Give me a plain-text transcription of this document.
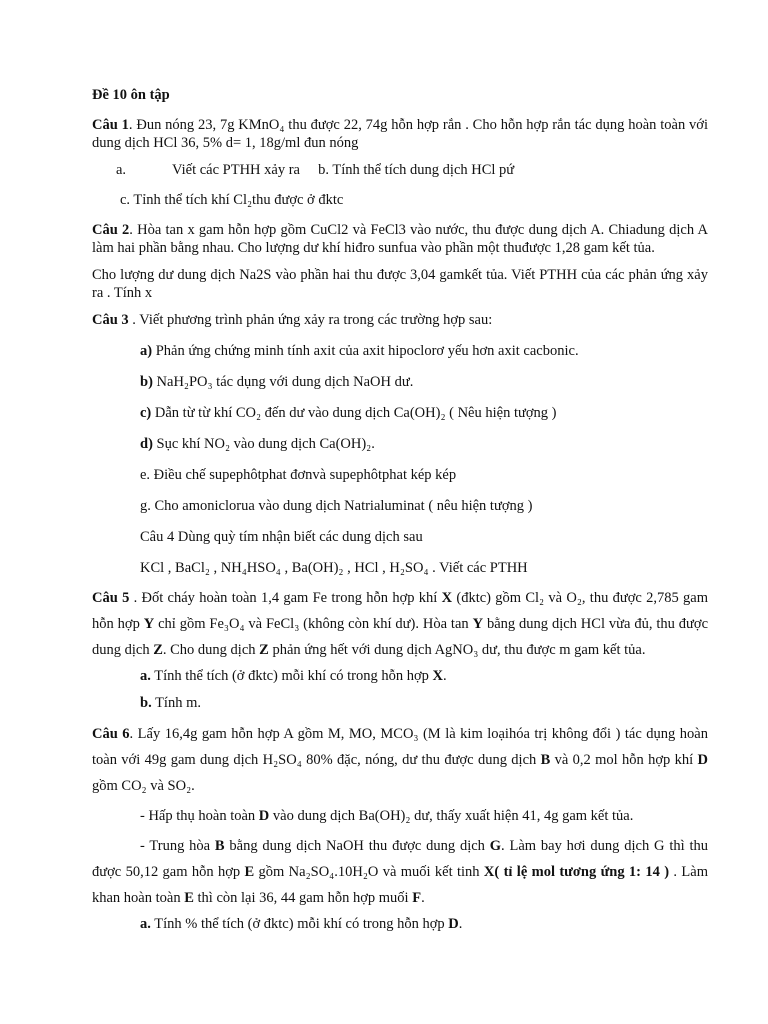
Đề 10 ôn tập

Câu 1. Đun nóng 23, 7g KMnO₄ thu được 22, 74g hỗn hợp rắn . Cho hỗn hợp rắn tác dụng hoàn toàn với dung dịch HCl 36, 5% d= 1, 18g/ml đun nóng

a.	Viết các PTHH xảy ra b. Tính thể tích dung dịch HCl pứ

c. Tỉnh thể tích khí Cl₂thu được ở đktc

Câu 2. Hòa tan x gam hỗn hợp gồm CuCl2 và FeCl3 vào nước, thu được dung dịch A. Chiadung dịch A làm hai phần bằng nhau. Cho lượng dư khí hiđro sunfua vào phần một thuđược 1,28 gam kết tủa.

Cho lượng dư dung dịch Na2S vào phần hai thu được 3,04 gamkết tủa. Viết PTHH của các phản ứng xảy ra . Tính x

Câu 3 . Viết phương trình phản ứng xảy ra trong các trường hợp sau:

a) Phản ứng chứng minh tính axit của axit hipoclorơ yếu hơn axit cacbonic.

b) NaH₂PO₃ tác dụng với dung dịch NaOH dư.

c) Dẫn từ từ khí CO₂ đến dư vào dung dịch Ca(OH)₂ ( Nêu hiện tượng )

d) Sục khí NO₂ vào dung dịch Ca(OH)₂.

e. Điều chế supephôtphat đơnvà supephôtphat kép kép

g. Cho amoniclorua vào dung dịch Natrialuminat ( nêu hiện tượng )

Câu 4 Dùng quỳ tím nhận biết các dung dịch sau

KCl , BaCl₂ , NH₄HSO₄ , Ba(OH)₂ , HCl , H₂SO₄ . Viết các PTHH

Câu 5 . Đốt cháy hoàn toàn 1,4 gam Fe trong hỗn hợp khí X (đktc) gồm Cl₂ và O₂, thu được 2,785 gam hỗn hợp Y chỉ gồm Fe₃O₄ và FeCl₃ (không còn khí dư). Hòa tan Y bằng dung dịch HCl vừa đủ, thu được dung dịch Z. Cho dung dịch Z phản ứng hết với dung dịch AgNO₃ dư, thu được m gam kết tủa.

a. Tính thể tích (ở đktc) mỗi khí có trong hỗn hợp X.

b. Tính m.

Câu 6. Lấy 16,4g gam hỗn hợp A gồm M, MO, MCO₃ (M là kim loạihóa trị không đổi ) tác dụng hoàn toàn với 49g gam dung dịch H₂SO₄ 80% đặc, nóng, dư thu được dung dịch B và 0,2 mol hỗn hợp khí D gồm CO₂ và SO₂.

- Hấp thụ hoàn toàn D vào dung dịch Ba(OH)₂ dư, thấy xuất hiện 41, 4g gam kết tủa.

- Trung hòa B bằng dung dịch NaOH thu được dung dịch G. Làm bay hơi dung dịch G thì thu được 50,12 gam hỗn hợp E gồm Na₂SO₄.10H₂O và muối kết tinh X( tỉ lệ mol tương ứng 1: 14 ) . Làm khan hoàn toàn E thì còn lại 36, 44 gam hỗn hợp muối F.

a. Tính % thể tích (ở đktc) mỗi khí có trong hỗn hợp D.
